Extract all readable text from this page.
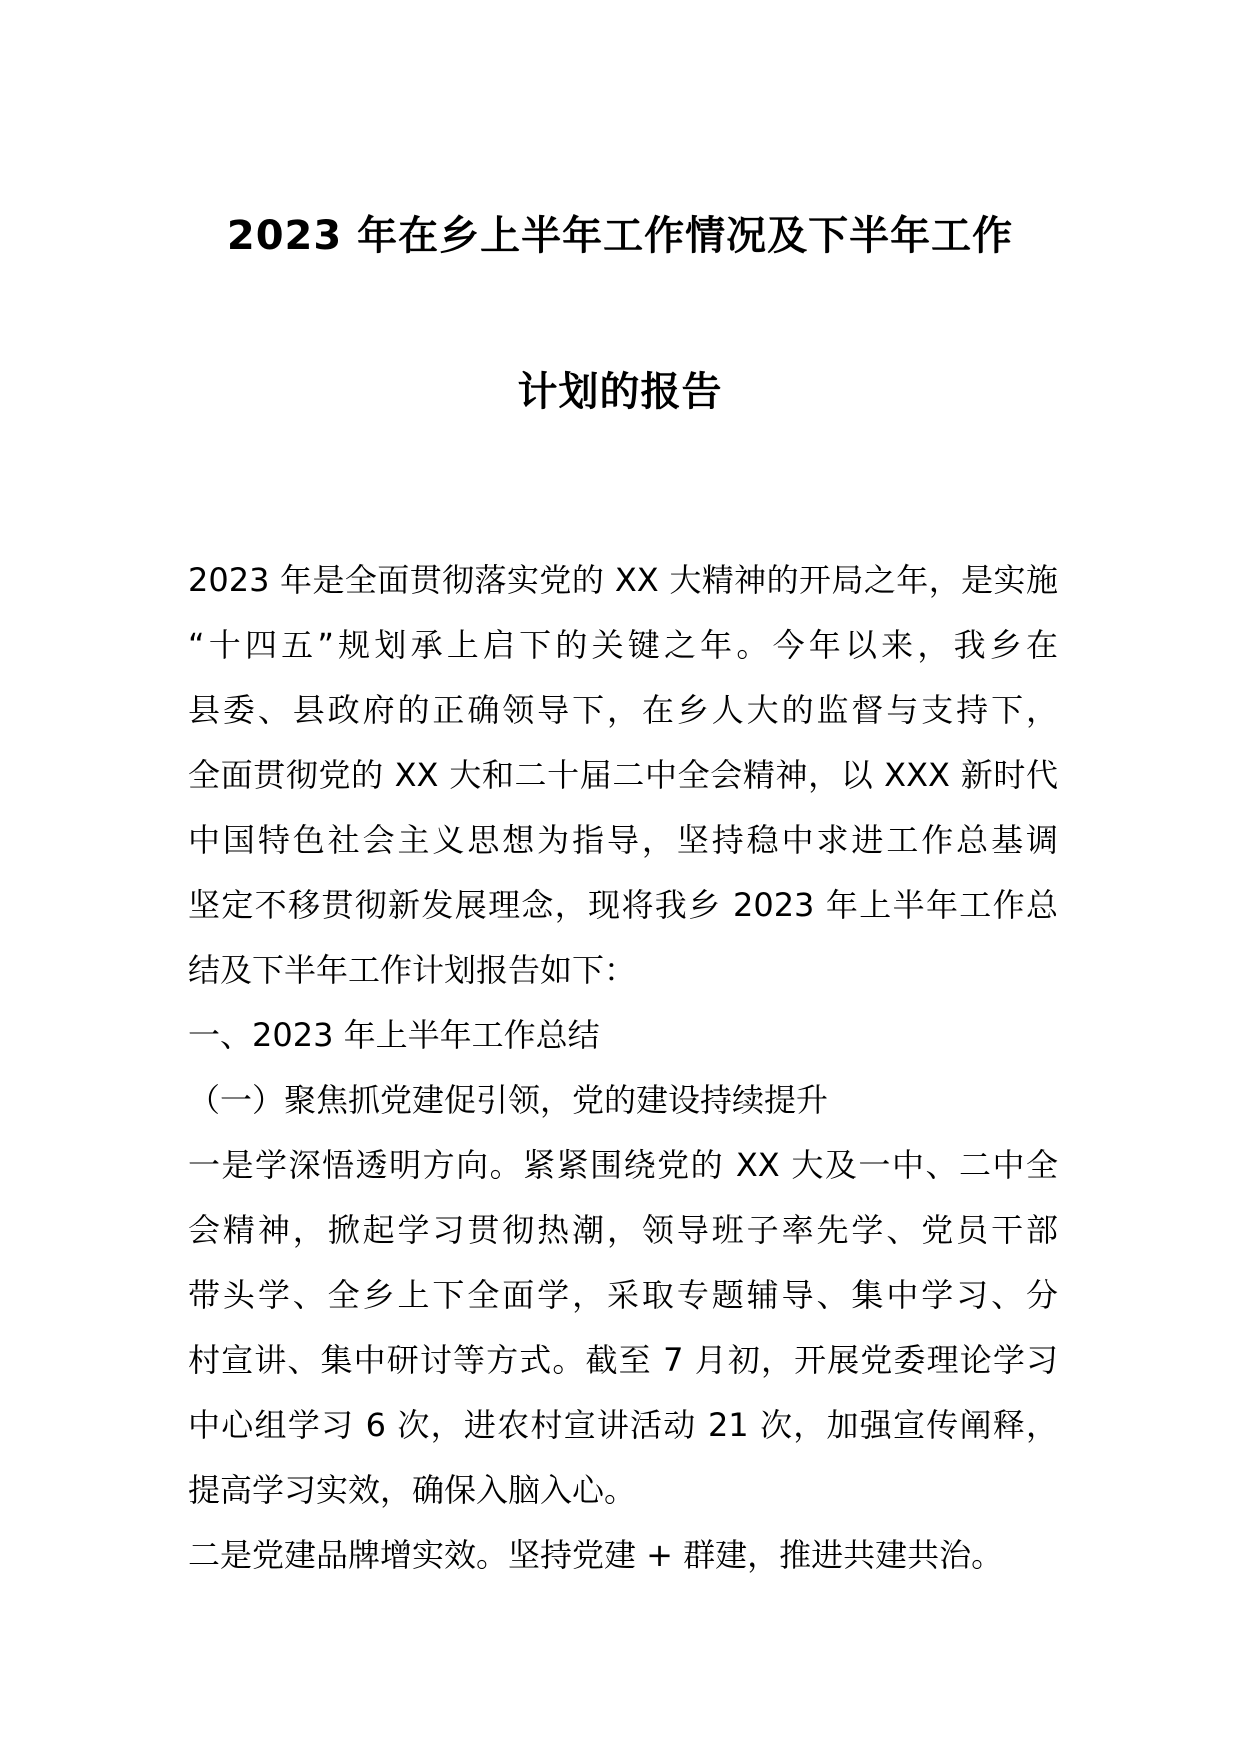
2023 年在乡上半年工作情况及下半年工作
计划的报告
2023 年是全面贯彻落实党的 XX 大精神的开局之年，是实施
“十四五”规划承上启下的关键之年。今年以来，我乡在
县委、县政府的正确领导下，在乡人大的监督与支持下，
全面贯彻党的 XX 大和二十届二中全会精神，以 XXX 新时代
中国特色社会主义思想为指导，坚持稳中求进工作总基调
坚定不移贯彻新发展理念，现将我乡 2023 年上半年工作总
结及下半年工作计划报告如下：
一、2023 年上半年工作总结
（一）聚焦抓党建促引领，党的建设持续提升
一是学深悟透明方向。紧紧围绕党的 XX 大及一中、二中全
会精神，掀起学习贯彻热潮，领导班子率先学、党员干部
带头学、全乡上下全面学，采取专题辅导、集中学习、分
村宣讲、集中研讨等方式。截至 7 月初，开展党委理论学习
中心组学习 6 次，进农村宣讲活动 21 次，加强宣传阐释，
提高学习实效，确保入脑入心。
二是党建品牌增实效。坚持党建 + 群建，推进共建共治。
